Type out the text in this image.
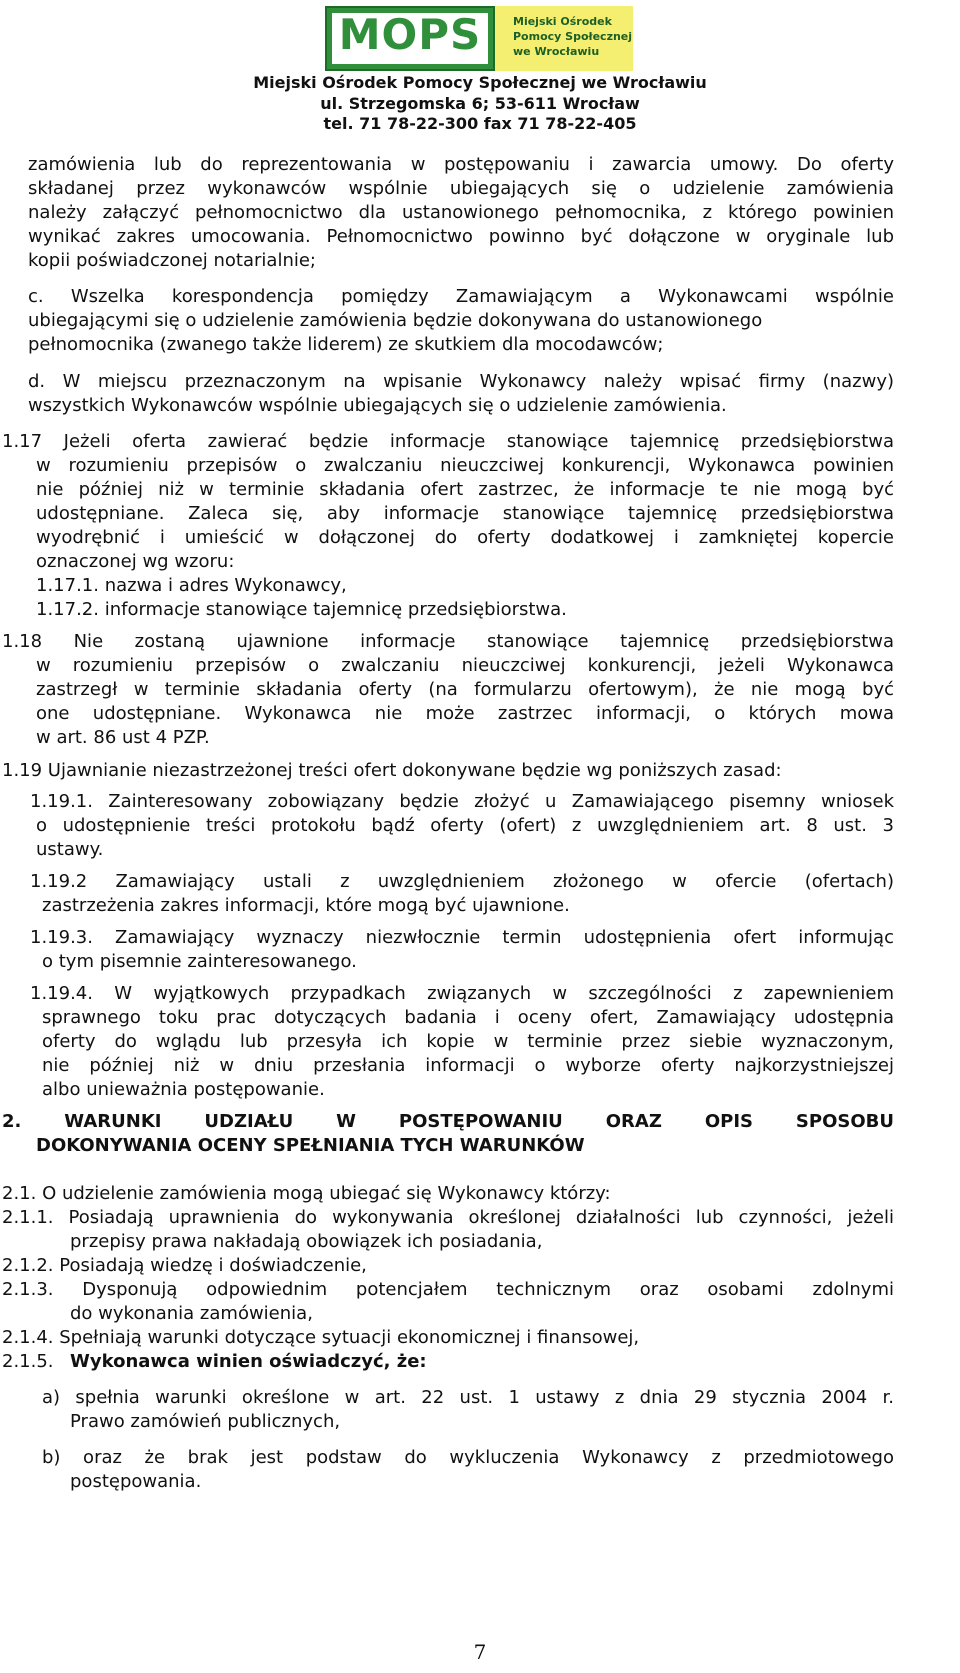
MOPS	Miejski Ośrodek
Pomocy Społecznej
we Wrocławiu
Miejski Ośrodek Pomocy Społecznej we Wrocławiu
ul. Strzegomska 6; 53-611 Wrocław
tel. 71 78-22-300 fax 71 78-22-405
zamówienia lub do reprezentowania w postępowaniu i zawarcia umowy. Do oferty
składanej przez wykonawców wspólnie ubiegających się o udzielenie zamówienia
należy załączyć pełnomocnictwo dla ustanowionego pełnomocnika, z którego powinien
wynikać zakres umocowania. Pełnomocnictwo powinno być dołączone w oryginale lub
kopii poświadczonej notarialnie;
c. Wszelka korespondencja pomiędzy Zamawiającym a Wykonawcami wspólnie
ubiegającymi się o udzielenie zamówienia będzie dokonywana do ustanowionego
pełnomocnika (zwanego także liderem) ze skutkiem dla mocodawców;
d. W miejscu przeznaczonym na wpisanie Wykonawcy należy wpisać firmy (nazwy)
wszystkich Wykonawców wspólnie ubiegających się o udzielenie zamówienia.
1.17 Jeżeli oferta zawierać będzie informacje stanowiące tajemnicę przedsiębiorstwa
w rozumieniu przepisów o zwalczaniu nieuczciwej konkurencji, Wykonawca powinien
nie później niż w terminie składania ofert zastrzec, że informacje te nie mogą być
udostępniane. Zaleca się, aby informacje stanowiące tajemnicę przedsiębiorstwa
wyodrębnić i umieścić w dołączonej do oferty dodatkowej i zamkniętej kopercie
oznaczonej wg wzoru:
1.17.1. nazwa i adres Wykonawcy,
1.17.2. informacje stanowiące tajemnicę przedsiębiorstwa.
1.18 Nie zostaną ujawnione informacje stanowiące tajemnicę przedsiębiorstwa
w rozumieniu przepisów o zwalczaniu nieuczciwej konkurencji, jeżeli Wykonawca
zastrzegł w terminie składania oferty (na formularzu ofertowym), że nie mogą być
one udostępniane. Wykonawca nie może zastrzec informacji, o których mowa
w art. 86 ust 4 PZP.
1.19 Ujawnianie niezastrzeżonej treści ofert dokonywane będzie wg poniższych zasad:
1.19.1. Zainteresowany zobowiązany będzie złożyć u Zamawiającego pisemny wniosek
o udostępnienie treści protokołu bądź oferty (ofert) z uwzględnieniem art. 8 ust. 3
ustawy.
1.19.2 Zamawiający ustali z uwzględnieniem złożonego w ofercie (ofertach)
zastrzeżenia zakres informacji, które mogą być ujawnione.
1.19.3. Zamawiający wyznaczy niezwłocznie termin udostępnienia ofert informując
o tym pisemnie zainteresowanego.
1.19.4. W wyjątkowych przypadkach związanych w szczególności z zapewnieniem
sprawnego toku prac dotyczących badania i oceny ofert, Zamawiający udostępnia
oferty do wglądu lub przesyła ich kopie w terminie przez siebie wyznaczonym,
nie później niż w dniu przesłania informacji o wyborze oferty najkorzystniejszej
albo unieważnia postępowanie.
2. WARUNKI UDZIAŁU W POSTĘPOWANIU ORAZ OPIS SPOSOBU
DOKONYWANIA OCENY SPEŁNIANIA TYCH WARUNKÓW
2.1. O udzielenie zamówienia mogą ubiegać się Wykonawcy którzy:
2.1.1. Posiadają uprawnienia do wykonywania określonej działalności lub czynności, jeżeli
przepisy prawa nakładają obowiązek ich posiadania,
2.1.2. Posiadają wiedzę i doświadczenie,
2.1.3. Dysponują odpowiednim potencjałem technicznym oraz osobami zdolnymi
do wykonania zamówienia,
2.1.4. Spełniają warunki dotyczące sytuacji ekonomicznej i finansowej,
2.1.5. Wykonawca winien oświadczyć, że:
a) spełnia warunki określone w art. 22 ust. 1 ustawy z dnia 29 stycznia 2004 r.
Prawo zamówień publicznych,
b) oraz że brak jest podstaw do wykluczenia Wykonawcy z przedmiotowego
postępowania.
7
